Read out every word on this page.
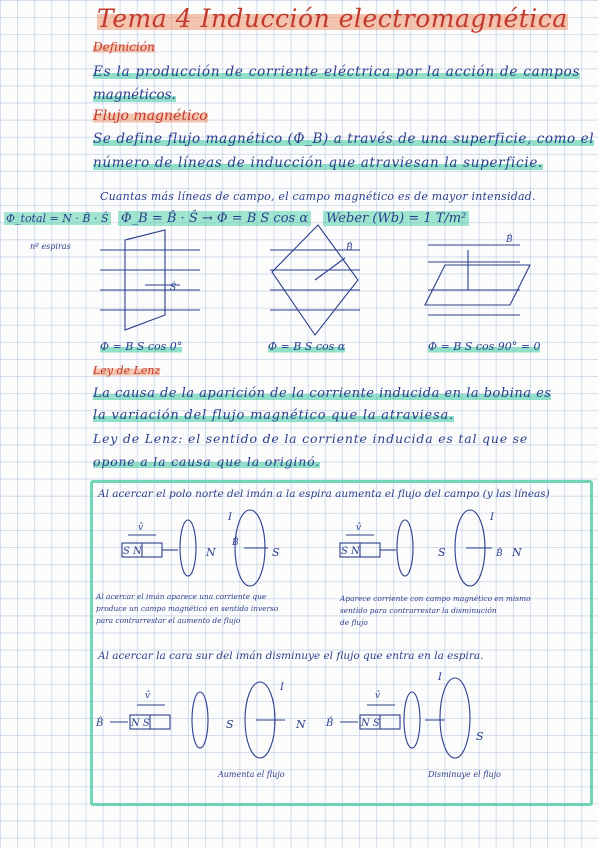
Tema 4 Inducción electromagnética
Definición
Es la producción de corriente eléctrica por la acción de campos
magnéticos.
Flujo magnético
Se define flujo magnético (Φ_B) a través de una superficie, como el
número de líneas de inducción que atraviesan la superficie.
Cuantas más líneas de campo, el campo magnético es de mayor intensidad.
Φ_B = B̂ · Ŝ → Φ = B S cos α Weber (Wb) = 1 T/m²
Φ_total = N · B̂ · Ŝ
nº espiras
Ŝ
B̂
B̂
Φ = B S cos 0°	Φ = B S cos α	Φ = B S cos 90° = 0
Ley de Lenz
La causa de la aparición de la corriente inducida en la bobina es
la variación del flujo magnético que la atraviesa.
Ley de Lenz: el sentido de la corriente inducida es tal que se
opone a la causa que la originó.
Al acercar el polo norte del imán a la espira aumenta el flujo del campo (y las líneas)
S N
v̂
N	S
I
B̂
S N
v̂
S	N
I
B̂
Al acercar el imán aparece una corriente que
produce un campo magnético en sentido inverso
para contrarrestar el aumento de flujo
Aparece corriente con campo magnético en mismo
sentido para contrarrestar la disminución
de flujo
Al acercar la cara sur del imán disminuye el flujo que entra en la espira.
B̂	N S
v̂
S	N
I
B̂	N S
v̂
S
I
Aumenta el flujo	Disminuye el flujo
